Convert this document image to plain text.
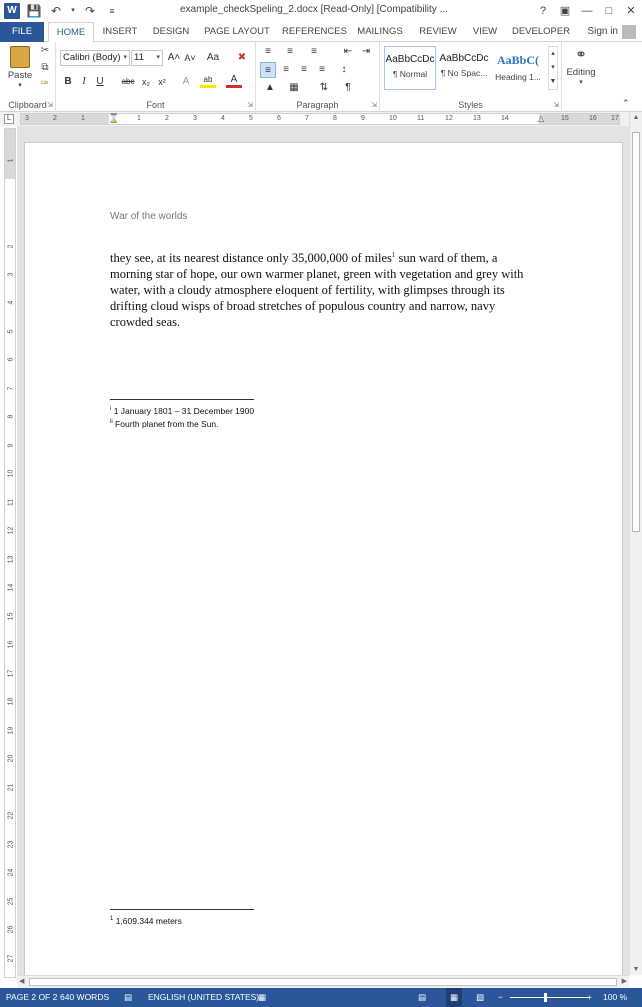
W 💾 ↶	▾ ↷	≡	example_checkSpeling_2.docx [Read-Only] [Compatibility ...	?	▣	—	□	✕
FILE	HOME	INSERT DESIGN PAGE LAYOUT REFERENCES	MAILINGS	REVIEW	VIEW	DEVELOPER Sign in
Paste
▾
✂
⧉
✑
Clipboard ⇲
Calibri (Body) ▾ 11 ▾ A˄ A˅	Aa	✖
B	I	U	abc x₂ x²	A	ab	A
Font	⇲
≡	≡	≡	⇤ ⇥
≡	≡	≡	≡	↕
▲	▦	⇅	¶
Paragraph	⇲
AaBbCcDc
¶ Normal
AaBbCcDc
¶ No Spac...
AaBbC(
Heading 1...
▴
▾
▼
Styles	⇲
⚭
Editing
▾
⌃
L	3	2	1	⌛	1	2	3	4	5	6	7	8	9	10	11	12	13	14	△ 15	16 17
1
2
3
4
5
6
7
8
9
10
11
12
13
14
15
16
17
18
19
20
21
22
23
24
25
26
27
War of the worlds
they see, at its nearest distance only 35,000,000 of miles$^1$ sun ward of them, a morning star of hope, our own warmer planet, green with vegetation and grey with water, with a cloudy atmosphere eloquent of fertility, with glimpses through its drifting cloud wisps of broad stretches of populous country and narrow, navy crowded seas.
$^i$ 1 January 1801 – 31 December 1900
$^{ii}$ Fourth planet from the Sun.
$^1$ 1,609.344 meters
▲
▼
◀	▶
PAGE 2 OF 2 640 WORDS ▤ ENGLISH (UNITED STATES)
▦	▤	▦	▧ −	+ 100 %
